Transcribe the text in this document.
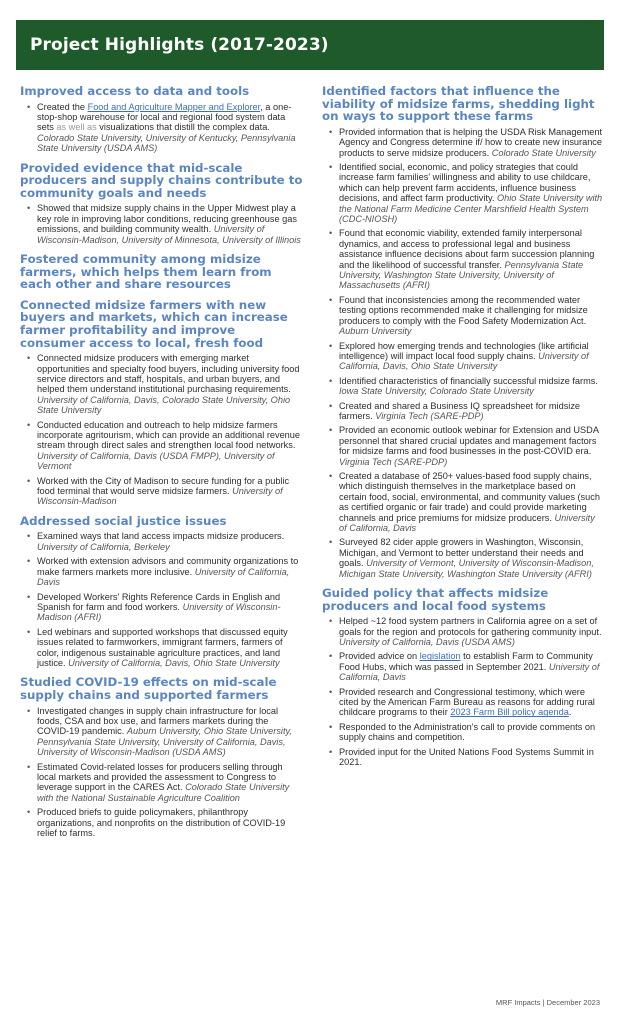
Project Highlights (2017-2023)
Improved access to data and tools
• Created the Food and Agriculture Mapper and Explorer, a one-stop-shop warehouse for local and regional food system data sets as well as visualizations that distill the complex data. Colorado State University, University of Kentucky, Pennsylvania State University (USDA AMS)
Provided evidence that mid-scale producers and supply chains contribute to community goals and needs
• Showed that midsize supply chains in the Upper Midwest play a key role in improving labor conditions, reducing greenhouse gas emissions, and building community wealth. University of Wisconsin-Madison, University of Minnesota, University of Illinois
Fostered community among midsize farmers, which helps them learn from each other and share resources
Connected midsize farmers with new buyers and markets, which can increase farmer profitability and improve consumer access to local, fresh food
• Connected midsize producers with emerging market opportunities and specialty food buyers, including university food service directors and staff, hospitals, and urban buyers, and helped them understand institutional purchasing requirements. University of California, Davis, Colorado State University, Ohio State University
• Conducted education and outreach to help midsize farmers incorporate agritourism, which can provide an additional revenue stream through direct sales and strengthen local food networks. University of California, Davis (USDA FMPP), University of Vermont
• Worked with the City of Madison to secure funding for a public food terminal that would serve midsize farmers. University of Wisconsin-Madison
Addressed social justice issues
• Examined ways that land access impacts midsize producers. University of California, Berkeley
• Worked with extension advisors and community organizations to make farmers markets more inclusive. University of California, Davis
• Developed Workers' Rights Reference Cards in English and Spanish for farm and food workers. University of Wisconsin-Madison (AFRI)
• Led webinars and supported workshops that discussed equity issues related to farmworkers, immigrant farmers, farmers of color, indigenous sustainable agriculture practices, and land justice. University of California, Davis, Ohio State University
Studied COVID-19 effects on mid-scale supply chains and supported farmers
• Investigated changes in supply chain infrastructure for local foods, CSA and box use, and farmers markets during the COVID-19 pandemic. Auburn University, Ohio State University, Pennsylvania State University, University of California, Davis, University of Wisconsin-Madison (USDA AMS)
• Estimated Covid-related losses for producers selling through local markets and provided the assessment to Congress to leverage support in the CARES Act. Colorado State University with the National Sustainable Agriculture Coalition
• Produced briefs to guide policymakers, philanthropy organizations, and nonprofits on the distribution of COVID-19 relief to farms.
Identified factors that influence the viability of midsize farms, shedding light on ways to support these farms
• Provided information that is helping the USDA Risk Management Agency and Congress determine if/ how to create new insurance products to serve midsize producers. Colorado State University
• Identified social, economic, and policy strategies that could increase farm families' willingness and ability to use childcare, which can help prevent farm accidents, influence business decisions, and affect farm productivity. Ohio State University with the National Farm Medicine Center Marshfield Health System (CDC-NIOSH)
• Found that economic viability, extended family interpersonal dynamics, and access to professional legal and business assistance influence decisions about farm succession planning and the likelihood of successful transfer. Pennsylvania State University, Washington State University, University of Massachusetts (AFRI)
• Found that inconsistencies among the recommended water testing options recommended make it challenging for midsize producers to comply with the Food Safety Modernization Act. Auburn University
• Explored how emerging trends and technologies (like artificial intelligence) will impact local food supply chains. University of California, Davis, Ohio State University
• Identified characteristics of financially successful midsize farms. Iowa State University, Colorado State University
• Created and shared a Business IQ spreadsheet for midsize farmers. Virginia Tech (SARE-PDP)
• Provided an economic outlook webinar for Extension and USDA personnel that shared crucial updates and management factors for midsize farms and food businesses in the post-COVID era. Virginia Tech (SARE-PDP)
• Created a database of 250+ values-based food supply chains, which distinguish themselves in the marketplace based on certain food, social, environmental, and community values (such as certified organic or fair trade) and could provide marketing channels and price premiums for midsize producers. University of California, Davis
• Surveyed 82 cider apple growers in Washington, Wisconsin, Michigan, and Vermont to better understand their needs and goals. University of Vermont, University of Wisconsin-Madison, Michigan State University, Washington State University (AFRI)
Guided policy that affects midsize producers and local food systems
• Helped ~12 food system partners in California agree on a set of goals for the region and protocols for gathering community input. University of California, Davis (USDA AMS)
• Provided advice on legislation to establish Farm to Community Food Hubs, which was passed in September 2021. University of California, Davis
• Provided research and Congressional testimony, which were cited by the American Farm Bureau as reasons for adding rural childcare programs to their 2023 Farm Bill policy agenda.
• Responded to the Administration's call to provide comments on supply chains and competition.
• Provided input for the United Nations Food Systems Summit in 2021.
MRF Impacts | December 2023
